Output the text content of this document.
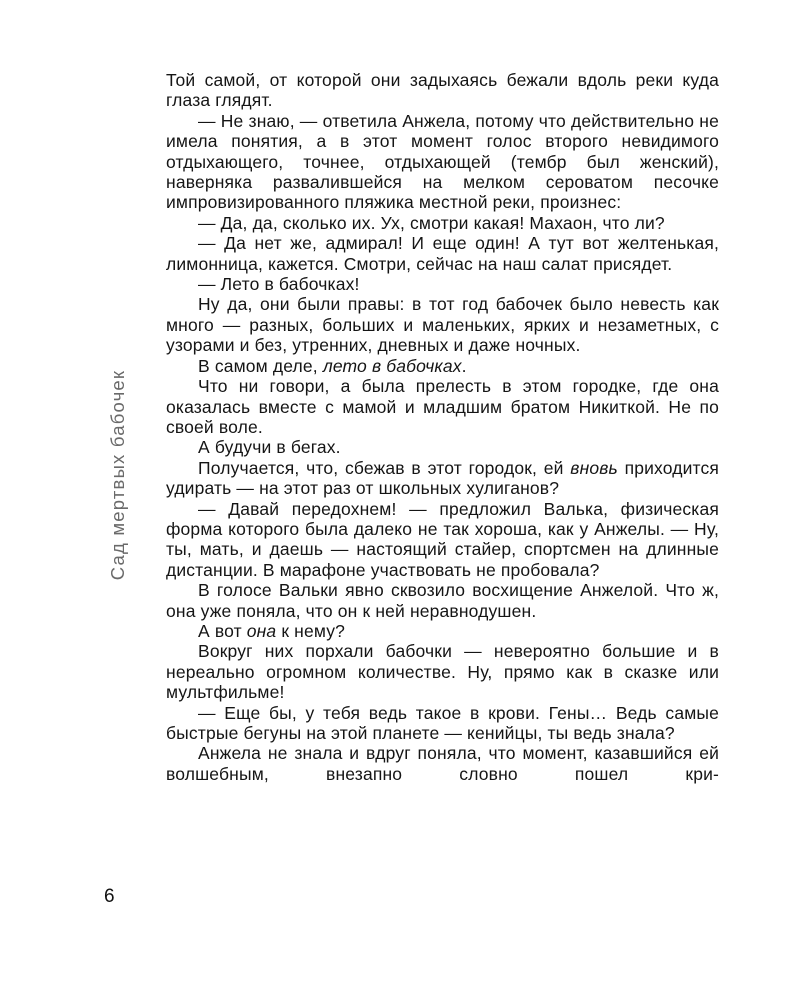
Сад мертвых бабочек

Той самой, от которой они задыхаясь бежали вдоль реки куда глаза глядят.

— Не знаю, — ответила Анжела, потому что действительно не имела понятия, а в этот момент голос второго невидимого отдыхающего, точнее, отдыхающей (тембр был женский), наверняка развалившейся на мелком сероватом песочке импровизированного пляжика местной реки, произнес:

— Да, да, сколько их. Ух, смотри какая! Махаон, что ли?

— Да нет же, адмирал! И еще один! А тут вот желтенькая, лимонница, кажется. Смотри, сейчас на наш салат присядет.

— Лето в бабочках!

Ну да, они были правы: в тот год бабочек было невесть как много — разных, больших и маленьких, ярких и незаметных, с узорами и без, утренних, дневных и даже ночных.

В самом деле, лето в бабочках.

Что ни говори, а была прелесть в этом городке, где она оказалась вместе с мамой и младшим братом Никиткой. Не по своей воле.

А будучи в бегах.

Получается, что, сбежав в этот городок, ей вновь приходится удирать — на этот раз от школьных хулиганов?

— Давай передохнем! — предложил Валька, физическая форма которого была далеко не так хороша, как у Анжелы. — Ну, ты, мать, и даешь — настоящий стайер, спортсмен на длинные дистанции. В марафоне участвовать не пробовала?

В голосе Вальки явно сквозило восхищение Анжелой. Что ж, она уже поняла, что он к ней неравнодушен.

А вот она к нему?

Вокруг них порхали бабочки — невероятно большие и в нереально огромном количестве. Ну, прямо как в сказке или мультфильме!

— Еще бы, у тебя ведь такое в крови. Гены… Ведь самые быстрые бегуны на этой планете — кенийцы, ты ведь знала?

Анжела не знала и вдруг поняла, что момент, казавшийся ей волшебным, внезапно словно пошел кри-

6
